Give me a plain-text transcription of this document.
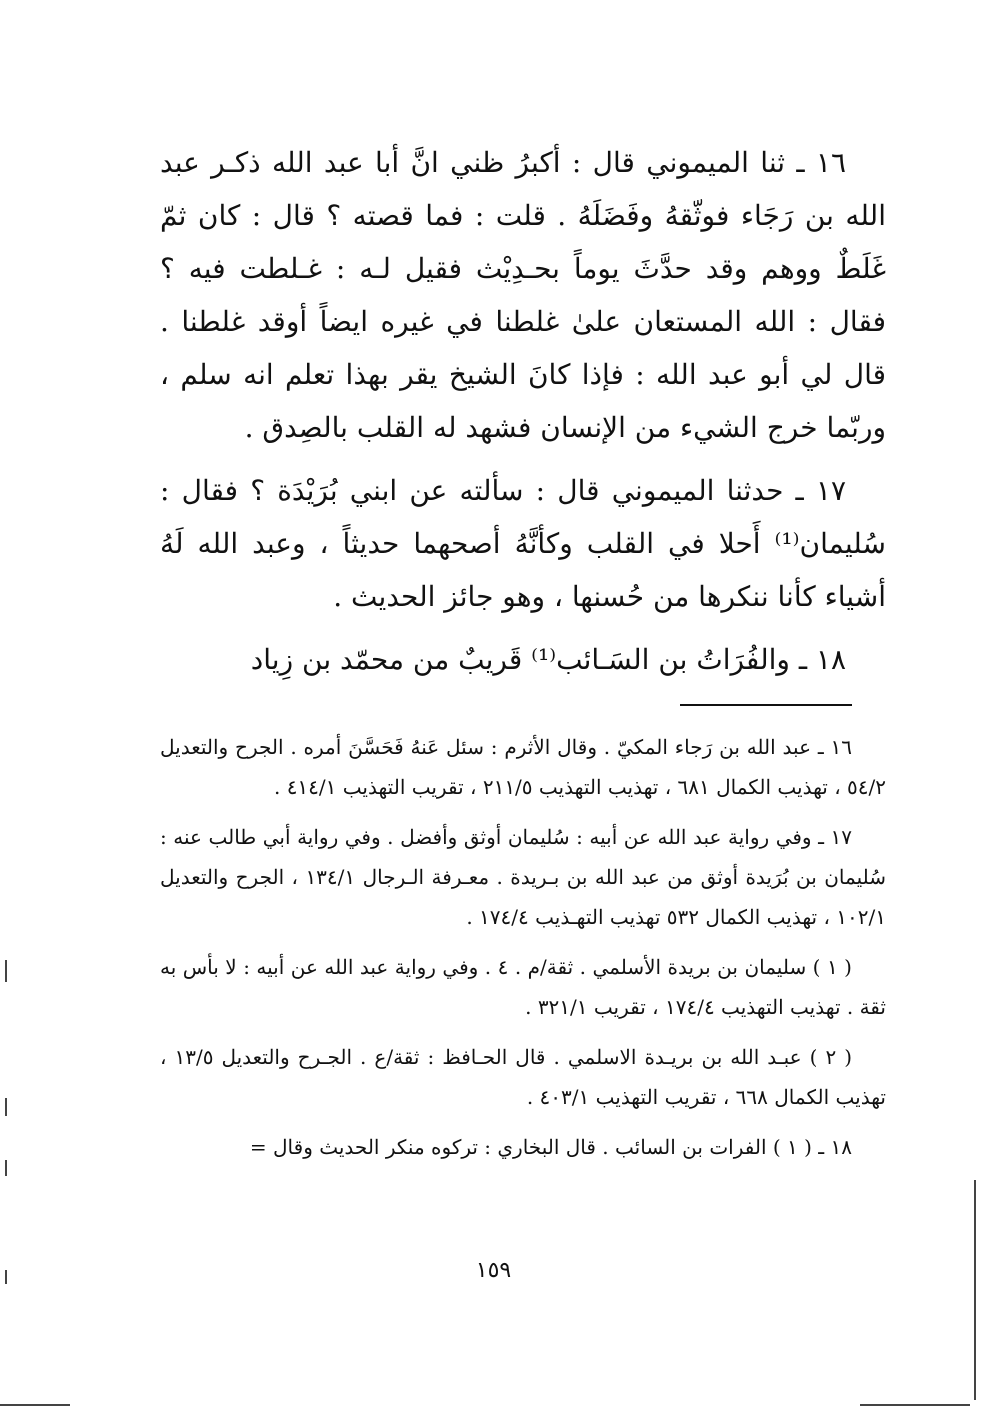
١٦ ـ ثنا الميموني قال : أكبرُ ظني انَّ أبا عبد الله ذكـر عبد الله بن رَجَاء فوثّقهُ وفَضَلَهُ . قلت : فما قصته ؟ قال : كان ثمّ غَلَطٌ ووهم وقد حدَّثَ يوماً بحـدِيْث فقيل لـه : غـلطت فيه ؟ فقال : الله المستعان علىٰ غلطنا في غيره ايضاً أوقد غلطنا . قال لي أبو عبد الله : فإذا كانَ الشيخ يقر بهذا تعلم انه سلم ، وربّما خرج الشيء من الإنسان فشهد له القلب بالصِدق .

١٧ ـ حدثنا الميموني قال : سألته عن ابني بُرَيْدَة ؟ فقال : سُليمان⁽¹⁾ أَحلا في القلب وكأنَّهُ أصحهما حديثاً ، وعبد الله لَهُ أشياء كأنا ننكرها من حُسنها ، وهو جائز الحديث .

١٨ ـ والفُرَاتُ بن السَـائب⁽¹⁾ قَريبٌ من محمّد بن زِياد

١٦ ـ عبد الله بن رَجاء المكيّ . وقال الأثرم : سئل عَنهُ فَحَسَّنَ أمره . الجرح والتعديل ٥٤/٢ ، تهذيب الكمال ٦٨١ ، تهذيب التهذيب ٢١١/٥ ، تقريب التهذيب ٤١٤/١ .

١٧ ـ وفي رواية عبد الله عن أبيه : سُليمان أوثق وأفضل . وفي رواية أبي طالب عنه : سُليمان بن بُرَيدة أوثق من عبد الله بن بـريدة . معـرفة الـرجال ١٣٤/١ ، الجرح والتعديل ١٠٢/١ ، تهذيب الكمال ٥٣٢ تهذيب التهـذيب ١٧٤/٤ .

( ١ ) سليمان بن بريدة الأسلمي . ثقة/م . ٤ . وفي رواية عبد الله عن أبيه : لا بأس به ثقة . تهذيب التهذيب ١٧٤/٤ ، تقريب ٣٢١/١ .

( ٢ ) عبـد الله بن بريـدة الاسلمي . قال الحـافظ : ثقة/ع . الجـرح والتعديل ١٣/٥ ، تهذيب الكمال ٦٦٨ ، تقريب التهذيب ٤٠٣/١ .

١٨ ـ ( ١ ) الفرات بن السائب . قال البخاري : تركوه منكر الحديث وقال =

١٥٩
